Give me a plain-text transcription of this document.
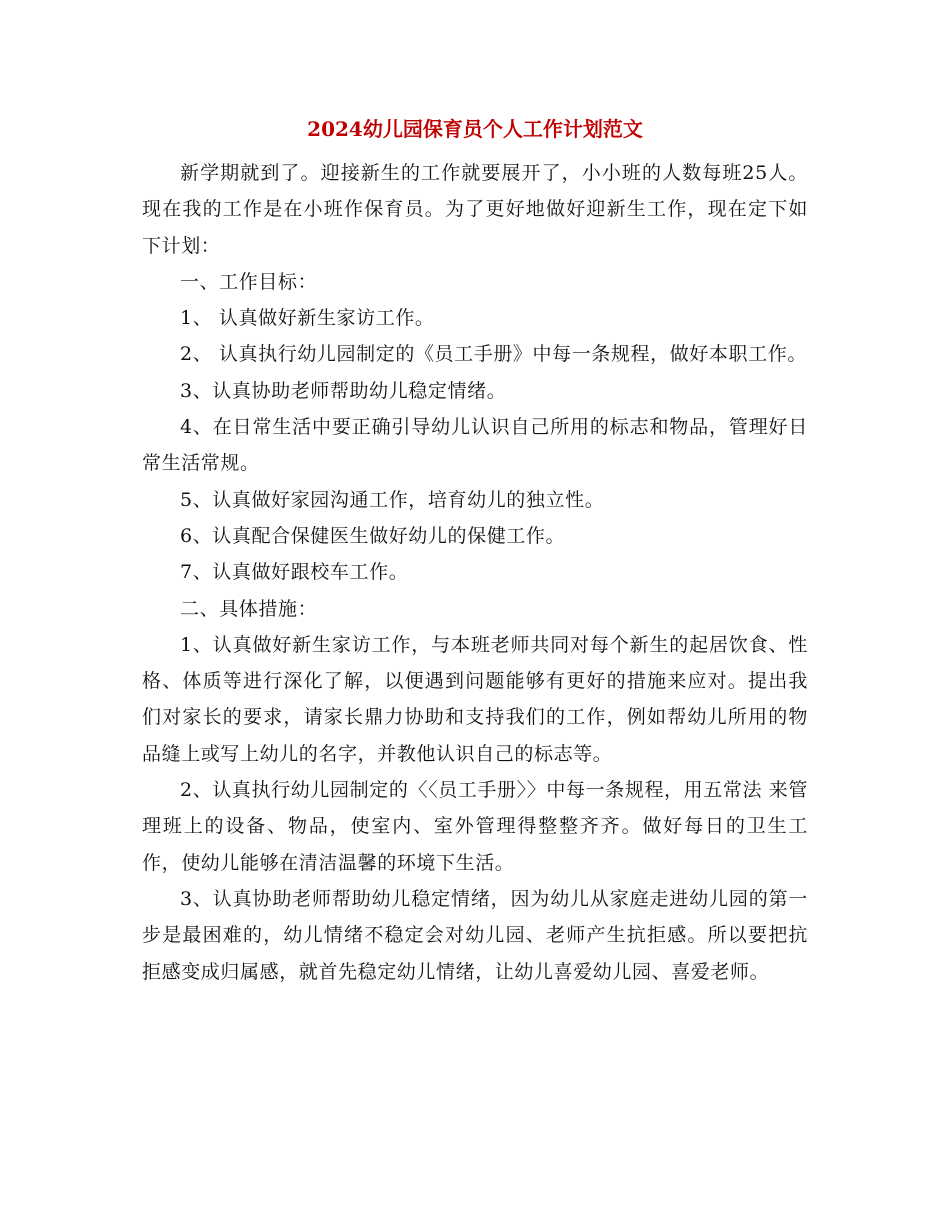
2024幼儿园保育员个人工作计划范文

新学期就到了。迎接新生的工作就要展开了，小小班的人数每班25人。现在我的工作是在小班作保育员。为了更好地做好迎新生工作，现在定下如下计划：

一、工作目标：

1、 认真做好新生家访工作。

2、 认真执行幼儿园制定的《员工手册》中每一条规程，做好本职工作。

3、认真协助老师帮助幼儿稳定情绪。

4、在日常生活中要正确引导幼儿认识自己所用的标志和物品，管理好日常生活常规。

5、认真做好家园沟通工作，培育幼儿的独立性。

6、认真配合保健医生做好幼儿的保健工作。

7、认真做好跟校车工作。

二、具体措施：

1、认真做好新生家访工作，与本班老师共同对每个新生的起居饮食、性格、体质等进行深化了解，以便遇到问题能够有更好的措施来应对。提出我们对家长的要求，请家长鼎力协助和支持我们的工作，例如帮幼儿所用的物品缝上或写上幼儿的名字，并教他认识自己的标志等。

2、认真执行幼儿园制定的〈〈员工手册〉〉中每一条规程，用五常法 来管理班上的设备、物品，使室内、室外管理得整整齐齐。做好每日的卫生工作，使幼儿能够在清洁温馨的环境下生活。

3、认真协助老师帮助幼儿稳定情绪，因为幼儿从家庭走进幼儿园的第一步是最困难的，幼儿情绪不稳定会对幼儿园、老师产生抗拒感。所以要把抗拒感变成归属感，就首先稳定幼儿情绪，让幼儿喜爱幼儿园、喜爱老师。
